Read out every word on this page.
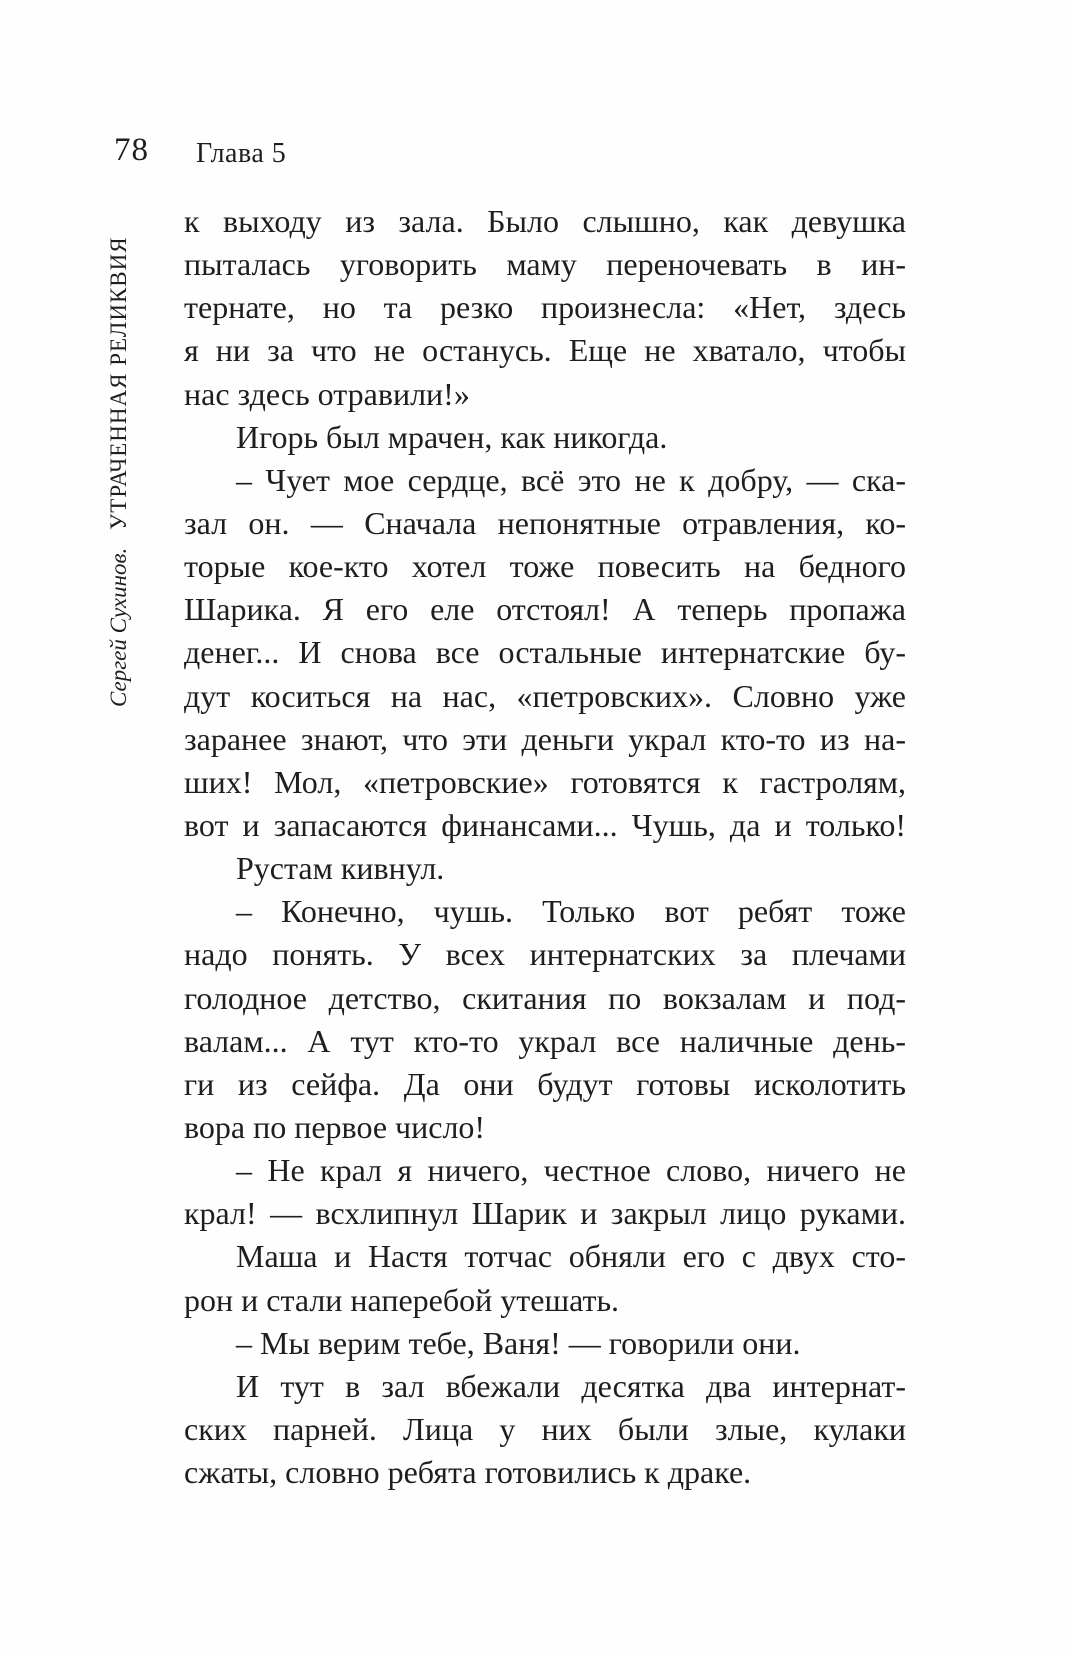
78 Глава 5
Сергей Сухинов. УТРАЧЕННАЯ РЕЛИКВИЯ
к выходу из зала. Было слышно, как девушка
пыталась уговорить маму переночевать в ин-
тернате, но та резко произнесла: «Нет, здесь
я ни за что не останусь. Еще не хватало, чтобы
нас здесь отравили!»
Игорь был мрачен, как никогда.
– Чует мое сердце, всё это не к добру, — ска-
зал он. — Сначала непонятные отравления, ко-
торые кое-кто хотел тоже повесить на бедного
Шарика. Я его еле отстоял! А теперь пропажа
денег... И снова все остальные интернатские бу-
дут коситься на нас, «петровских». Словно уже
заранее знают, что эти деньги украл кто-то из на-
ших! Мол, «петровские» готовятся к гастролям,
вот и запасаются финансами... Чушь, да и только!
Рустам кивнул.
– Конечно, чушь. Только вот ребят тоже
надо понять. У всех интернатских за плечами
голодное детство, скитания по вокзалам и под-
валам... А тут кто-то украл все наличные день-
ги из сейфа. Да они будут готовы исколотить
вора по первое число!
– Не крал я ничего, честное слово, ничего не
крал! — всхлипнул Шарик и закрыл лицо руками.
Маша и Настя тотчас обняли его с двух сто-
рон и стали наперебой утешать.
– Мы верим тебе, Ваня! — говорили они.
И тут в зал вбежали десятка два интернат-
ских парней. Лица у них были злые, кулаки
сжаты, словно ребята готовились к драке.
